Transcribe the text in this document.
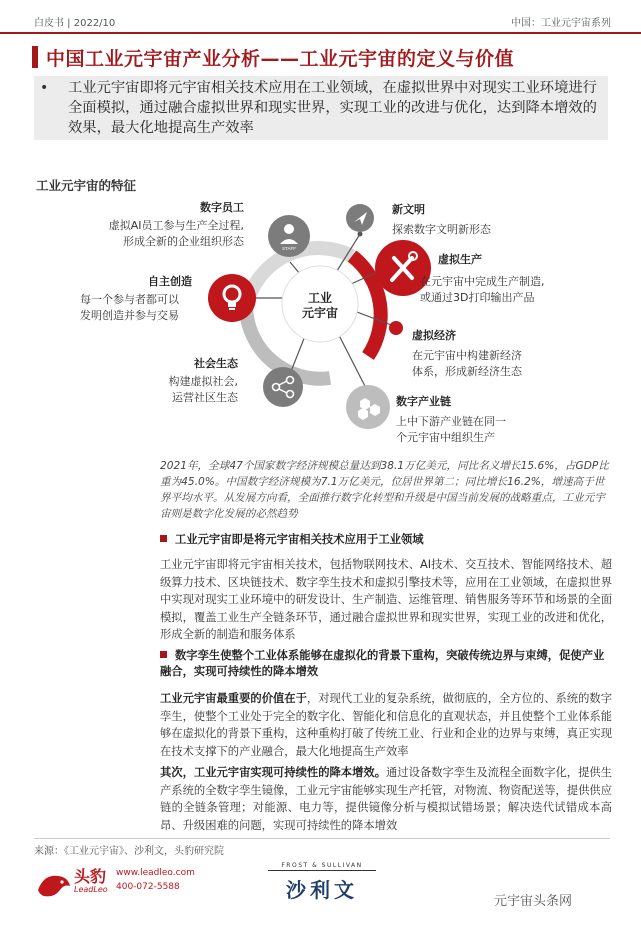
白皮书 | 2022/10	中国：工业元宇宙系列
中国工业元宇宙产业分析——工业元宇宙的定义与价值
• 工业元宇宙即将元宇宙相关技术应用在工业领域，在虚拟世界中对现实工业环境进行全面模拟，通过融合虚拟世界和现实世界，实现工业的改进与优化，达到降本增效的效果，最大化地提高生产效率
工业元宇宙的特征
STAFF
工业
元宇宙
数字员工
虚拟AI员工参与生产全过程,
形成全新的企业组织形态
自主创造
每一个参与者都可以
发明创造并参与交易
社会生态
构建虚拟社会,
运营社区生态
新文明
探索数字文明新形态
虚拟生产
在元宇宙中完成生产制造,
或通过3D打印输出产品
虚拟经济
在元宇宙中构建新经济
体系，形成新经济生态
数字产业链
上中下游产业链在同一
个元宇宙中组织生产
2021年，全球47个国家数字经济规模总量达到38.1万亿美元，同比名义增长15.6%，占GDP比重为45.0%。中国数字经济规模为7.1万亿美元，位居世界第二；同比增长16.2%，增速高于世界平均水平。从发展方向看，全面推行数字化转型和升级是中国当前发展的战略重点，工业元宇宙则是数字化发展的必然趋势
工业元宇宙即是将元宇宙相关技术应用于工业领域
工业元宇宙即将元宇宙相关技术，包括物联网技术、AI技术、交互技术、智能网络技术、超级算力技术、区块链技术、数字孪生技术和虚拟引擎技术等，应用在工业领域，在虚拟世界中实现对现实工业环境中的研发设计、生产制造、运维管理、销售服务等环节和场景的全面模拟，覆盖工业生产全链条环节，通过融合虚拟世界和现实世界，实现工业的改进和优化，形成全新的制造和服务体系
数字孪生使整个工业体系能够在虚拟化的背景下重构，突破传统边界与束缚，促使产业融合，实现可持续性的降本增效
工业元宇宙最重要的价值在于，对现代工业的复杂系统，做彻底的，全方位的、系统的数字孪生，使整个工业处于完全的数字化、智能化和信息化的直观状态，并且使整个工业体系能够在虚拟化的背景下重构，这种重构打破了传统工业、行业和企业的边界与束缚，真正实现在技术支撑下的产业融合，最大化地提高生产效率
其次，工业元宇宙实现可持续性的降本增效。通过设备数字孪生及流程全面数字化，提供生产系统的全数字孪生镜像，工业元宇宙能够实现生产托管，对物流、物资配送等，提供供应链的全链条管理；对能源、电力等，提供镜像分析与模拟试错场景；解决迭代试错成本高昂、升级困难的问题，实现可持续性的降本增效
来源：《工业元宇宙》、沙利文，头豹研究院
头豹
LeadLeo
www.leadleo.com
400-072-5588
FROST & SULLIVAN
沙利文	元宇宙头条网
